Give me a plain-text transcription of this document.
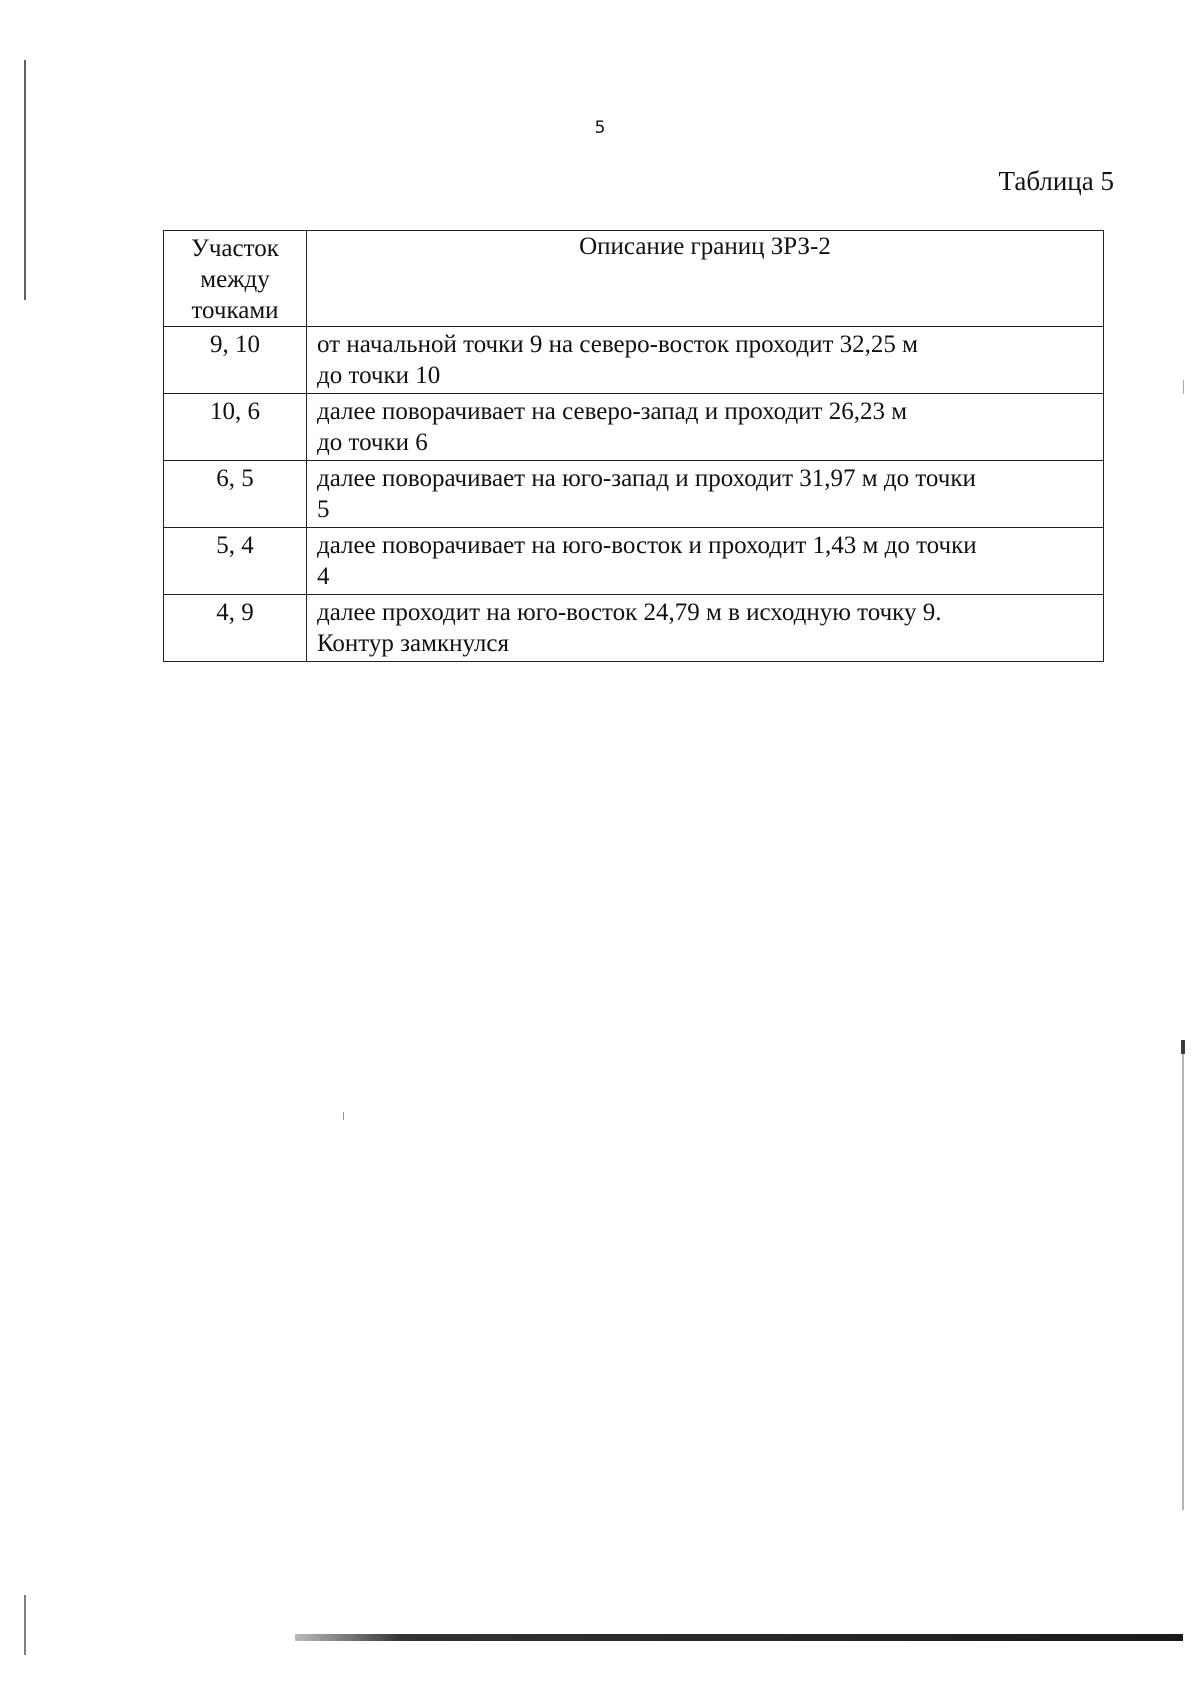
5
Таблица 5
Участок
между
точками	Описание границ ЗРЗ-2
9, 10	от начальной точки 9 на северо-восток проходит 32,25 м
до точки 10

10, 6	далее поворачивает на северо-запад и проходит 26,23 м
до точки 6

6, 5	далее поворачивает на юго-запад и проходит 31,97 м до точки
5

5, 4	далее поворачивает на юго-восток и проходит 1,43 м до точки
4

4, 9	далее проходит на юго-восток 24,79 м в исходную точку 9.
Контур замкнулся
